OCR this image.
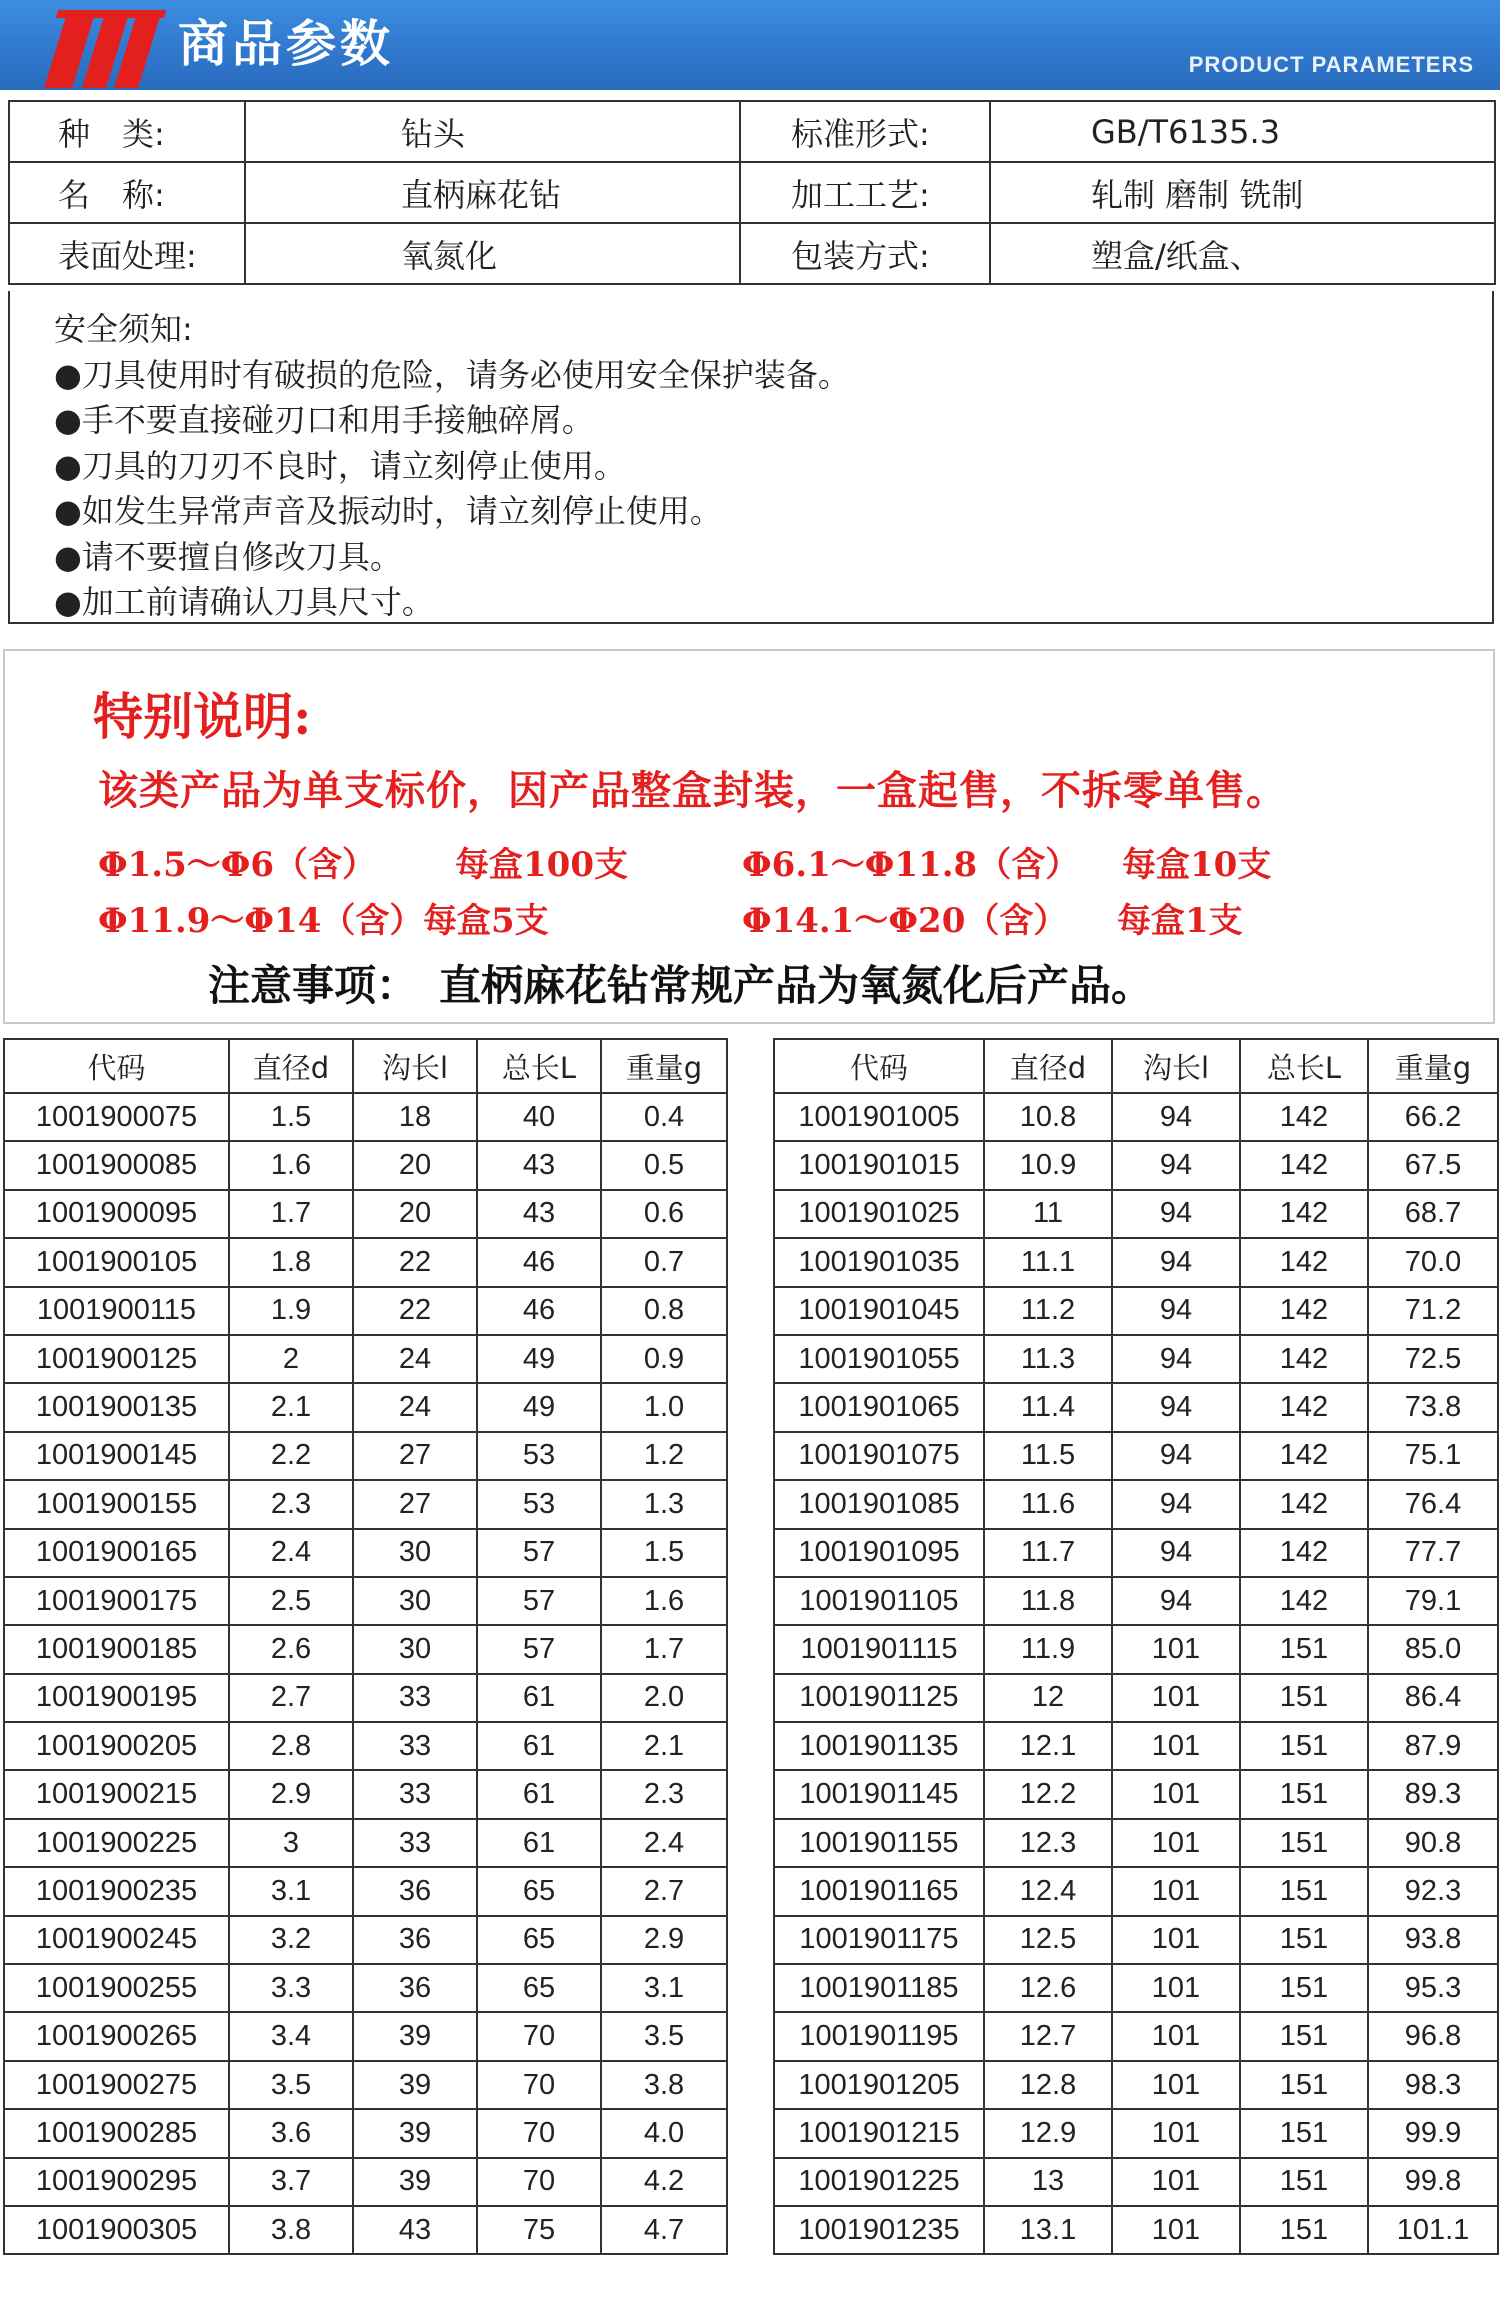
商品参数	PRODUCT PARAMETERS
种　类:	钻头	标准形式:	GB/T6135.3
名　称:	直柄麻花钻	加工工艺:	轧制 磨制 铣制
表面处理:	氧氮化	包装方式:	塑盒/纸盒、
安全须知:
●刀具使用时有破损的危险，请务必使用安全保护装备。
●手不要直接碰刃口和用手接触碎屑。
●刀具的刀刃不良时，请立刻停止使用。
●如发生异常声音及振动时，请立刻停止使用。
●请不要擅自修改刀具。
●加工前请确认刀具尺寸。
特别说明:
该类产品为单支标价，因产品整盒封装，一盒起售，不拆零单售。
Φ1.5～Φ6（含） 每盒100支	Φ6.1～Φ11.8（含） 每盒10支
Φ11.9～Φ14（含） 每盒5支	Φ14.1～Φ20（含） 每盒1支
注意事项：　直柄麻花钻常规产品为氧氮化后产品。
代码	直径d	沟长l	总长L	重量g
1001900075	1.5	18	40	0.4
1001900085	1.6	20	43	0.5
1001900095	1.7	20	43	0.6
1001900105	1.8	22	46	0.7
1001900115	1.9	22	46	0.8
1001900125	2	24	49	0.9
1001900135	2.1	24	49	1.0
1001900145	2.2	27	53	1.2
1001900155	2.3	27	53	1.3
1001900165	2.4	30	57	1.5
1001900175	2.5	30	57	1.6
1001900185	2.6	30	57	1.7
1001900195	2.7	33	61	2.0
1001900205	2.8	33	61	2.1
1001900215	2.9	33	61	2.3
1001900225	3	33	61	2.4
1001900235	3.1	36	65	2.7
1001900245	3.2	36	65	2.9
1001900255	3.3	36	65	3.1
1001900265	3.4	39	70	3.5
1001900275	3.5	39	70	3.8
1001900285	3.6	39	70	4.0
1001900295	3.7	39	70	4.2
1001900305	3.8	43	75	4.7
代码	直径d	沟长l	总长L	重量g
1001901005	10.8	94	142	66.2
1001901015	10.9	94	142	67.5
1001901025	11	94	142	68.7
1001901035	11.1	94	142	70.0
1001901045	11.2	94	142	71.2
1001901055	11.3	94	142	72.5
1001901065	11.4	94	142	73.8
1001901075	11.5	94	142	75.1
1001901085	11.6	94	142	76.4
1001901095	11.7	94	142	77.7
1001901105	11.8	94	142	79.1
1001901115	11.9	101	151	85.0
1001901125	12	101	151	86.4
1001901135	12.1	101	151	87.9
1001901145	12.2	101	151	89.3
1001901155	12.3	101	151	90.8
1001901165	12.4	101	151	92.3
1001901175	12.5	101	151	93.8
1001901185	12.6	101	151	95.3
1001901195	12.7	101	151	96.8
1001901205	12.8	101	151	98.3
1001901215	12.9	101	151	99.9
1001901225	13	101	151	99.8
1001901235	13.1	101	151	101.1
